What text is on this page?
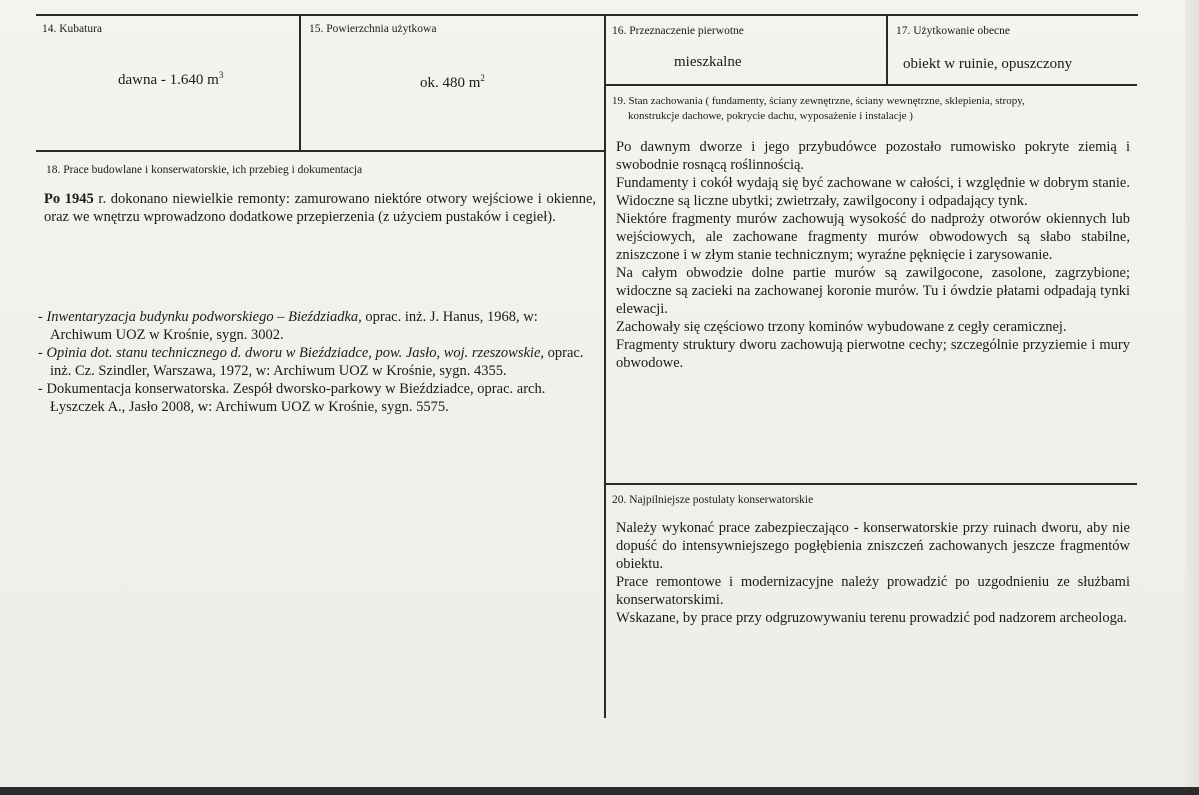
14. Kubatura
dawna - 1.640 $m^3$
15. Powierzchnia użytkowa
ok. 480 $m^2$
16. Przeznaczenie pierwotne
mieszkalne
17. Użytkowanie obecne
obiekt w ruinie, opuszczony
19. Stan zachowania ( fundamenty, ściany zewnętrzne, ściany wewnętrzne, sklepienia, stropy,
konstrukcje dachowe, pokrycie dachu, wyposażenie i instalacje )

Po dawnym dworze i jego przybudówce pozostało rumowisko pokryte ziemią i swobodnie rosnącą roślinnością.

Fundamenty i cokół wydają się być zachowane w całości, i względnie w dobrym stanie. Widoczne są liczne ubytki; zwietrzały, zawilgocony i odpadający tynk.

Niektóre fragmenty murów zachowują wysokość do nadproży otworów okiennych lub wejściowych, ale zachowane fragmenty murów obwodowych są słabo stabilne, zniszczone i w złym stanie technicznym; wyraźne pęknięcie i zarysowanie.

Na całym obwodzie dolne partie murów są zawilgocone, zasolone, zagrzybione; widoczne są zacieki na zachowanej koronie murów. Tu i ówdzie płatami odpadają tynki elewacji.

Zachowały się częściowo trzony kominów wybudowane z cegły ceramicznej.

Fragmenty struktury dworu zachowują pierwotne cechy; szczególnie przyziemie i mury obwodowe.

18. Prace budowlane i konserwatorskie, ich przebieg i dokumentacja

Po 1945 r. dokonano niewielkie remonty: zamurowano niektóre otwory wejściowe i okienne, oraz we wnętrzu wprowadzono dodatkowe przepierzenia (z użyciem pustaków i cegieł).

- Inwentaryzacja budynku podworskiego – Bieździadka, oprac. inż. J. Hanus, 1968, w: Archiwum UOZ w Krośnie, sygn. 3002.

- Opinia dot. stanu technicznego d. dworu w Bieździadce, pow. Jasło, woj. rzeszowskie, oprac. inż. Cz. Szindler, Warszawa, 1972, w: Archiwum UOZ w Krośnie, sygn. 4355.

- Dokumentacja konserwatorska. Zespół dworsko-parkowy w Bieździadce, oprac. arch. Łyszczek A., Jasło 2008, w: Archiwum UOZ w Krośnie, sygn. 5575.

20. Najpilniejsze postulaty konserwatorskie

Należy wykonać prace zabezpieczająco - konserwatorskie przy ruinach dworu, aby nie dopuść do intensywniejszego pogłębienia zniszczeń zachowanych jeszcze fragmentów obiektu.

Prace remontowe i modernizacyjne należy prowadzić po uzgodnieniu ze służbami konserwatorskimi.

Wskazane, by prace przy odgruzowywaniu terenu prowadzić pod nadzorem archeologa.
